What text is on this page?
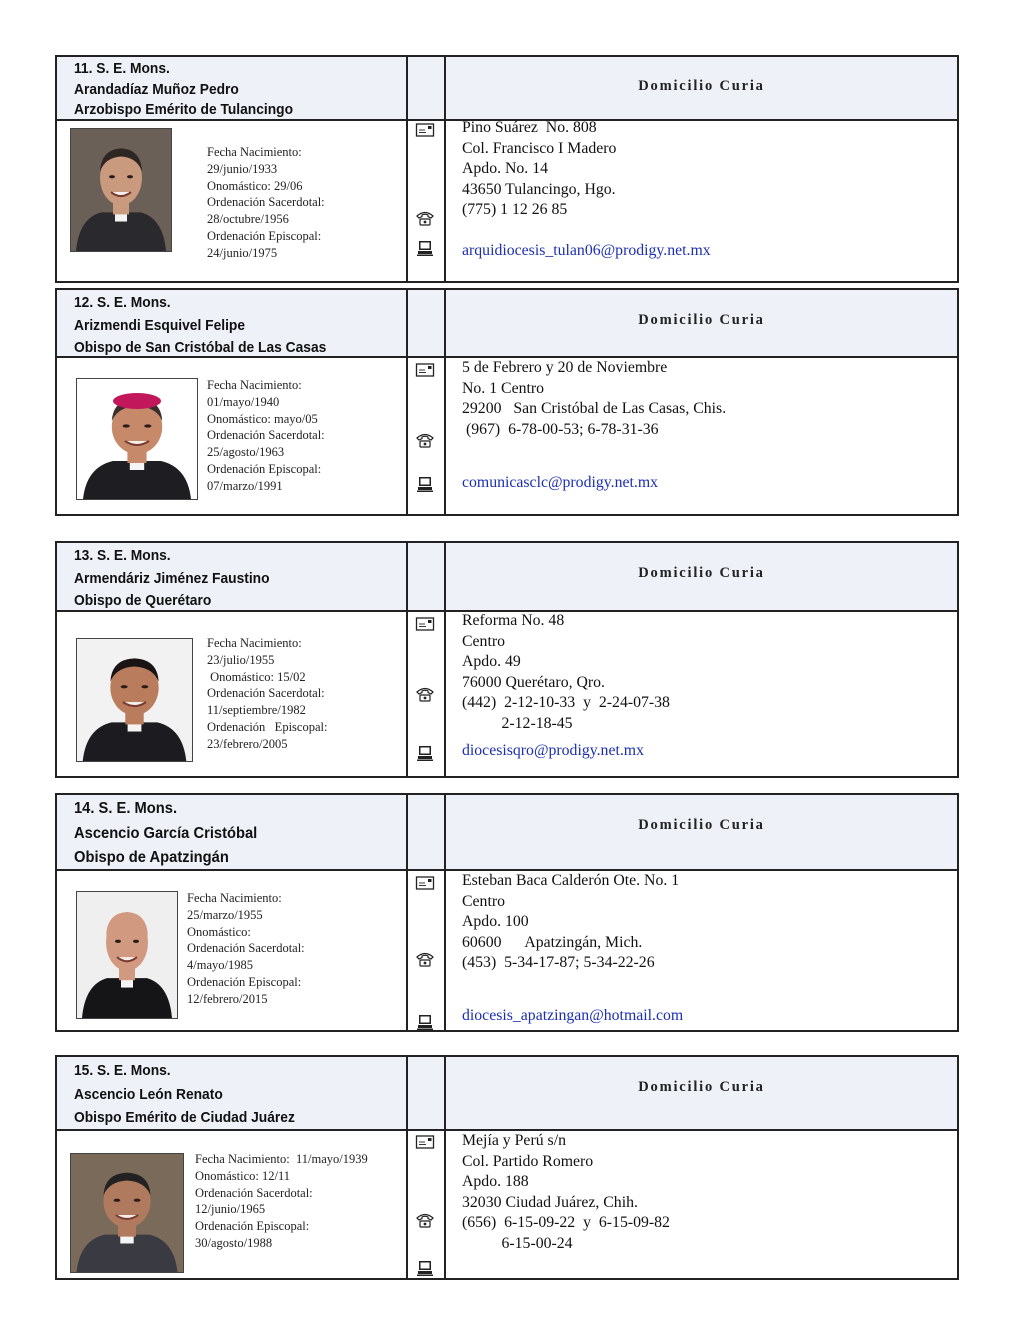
11. S. E. Mons.
Arandadíaz Muñoz Pedro
Arzobispo Emérito de Tulancingo
Domicilio Curia
Fecha Nacimiento:
29/junio/1933
Onomástico: 29/06
Ordenación Sacerdotal:
28/octubre/1956
Ordenación Episcopal:
24/junio/1975
Pino Suárez  No. 808
Col. Francisco I Madero
Apdo. No. 14
43650 Tulancingo, Hgo.
(775) 1 12 26 85
arquidiocesis_tulan06@prodigy.net.mx
12. S. E. Mons.
Arizmendi Esquivel Felipe
Obispo de San Cristóbal de Las Casas
Domicilio Curia
Fecha Nacimiento:
01/mayo/1940
Onomástico: mayo/05
Ordenación Sacerdotal:
25/agosto/1963
Ordenación Episcopal:
07/marzo/1991
5 de Febrero y 20 de Noviembre
No. 1 Centro
29200   San Cristóbal de Las Casas, Chis.
(967)  6-78-00-53; 6-78-31-36
comunicasclc@prodigy.net.mx
13. S. E. Mons.
Armendáriz Jiménez Faustino
Obispo de Querétaro
Domicilio Curia
Fecha Nacimiento:
23/julio/1955
Onomástico: 15/02
Ordenación Sacerdotal:
11/septiembre/1982
Ordenación   Episcopal:
23/febrero/2005
Reforma No. 48
Centro
Apdo. 49
76000 Querétaro, Qro.
(442)  2-12-10-33  y  2-24-07-38
2-12-18-45
diocesisqro@prodigy.net.mx
14. S. E. Mons.
Ascencio García Cristóbal
Obispo de Apatzingán
Domicilio Curia
Fecha Nacimiento:
25/marzo/1955
Onomástico:
Ordenación Sacerdotal:
4/mayo/1985
Ordenación Episcopal:
12/febrero/2015
Esteban Baca Calderón Ote. No. 1
Centro
Apdo. 100
60600      Apatzingán, Mich.
(453)  5-34-17-87; 5-34-22-26
diocesis_apatzingan@hotmail.com
15. S. E. Mons.
Ascencio León Renato
Obispo Emérito de Ciudad Juárez
Domicilio Curia
Fecha Nacimiento:  11/mayo/1939
Onomástico: 12/11
Ordenación Sacerdotal:
12/junio/1965
Ordenación Episcopal:
30/agosto/1988
Mejía y Perú s/n
Col. Partido Romero
Apdo. 188
32030 Ciudad Juárez, Chih.
(656)  6-15-09-22  y  6-15-09-82
6-15-00-24
